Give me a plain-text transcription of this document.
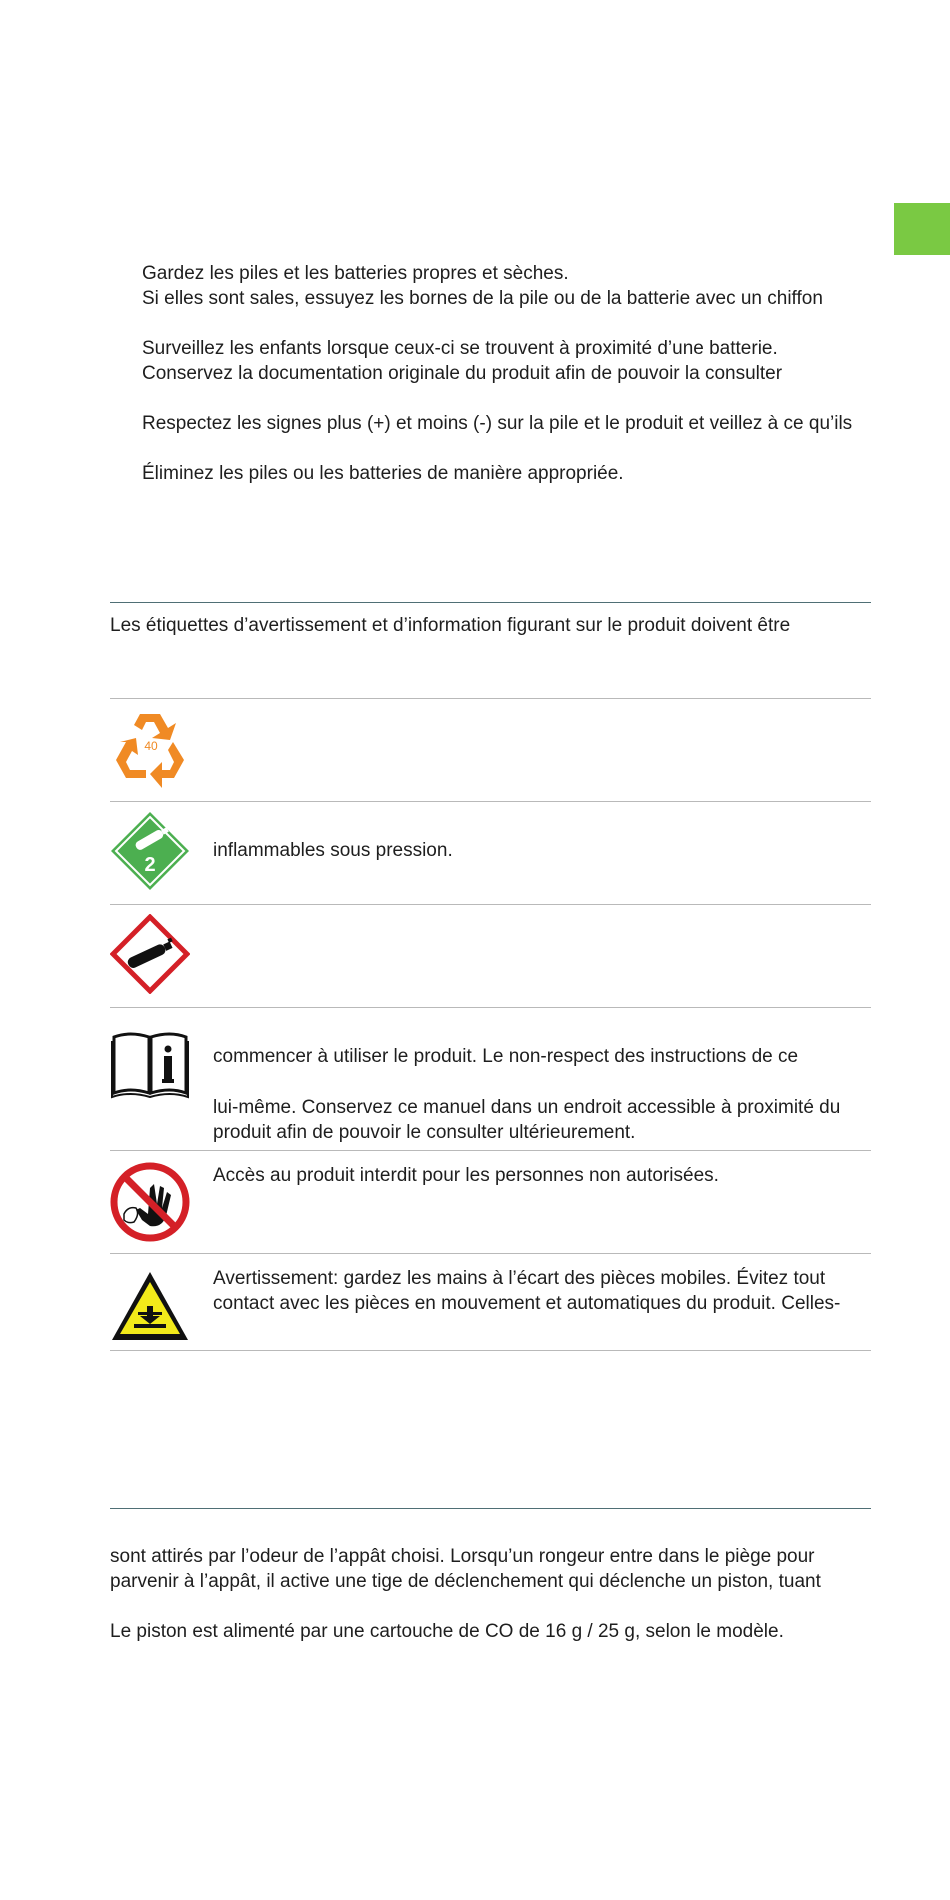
Gardez les piles et les batteries propres et sèches.
Si elles sont sales, essuyez les bornes de la pile ou de la batterie avec un chiffon
Surveillez les enfants lorsque ceux-ci se trouvent à proximité d’une batterie.
Conservez la documentation originale du produit afin de pouvoir la consulter
Respectez les signes plus (+) et moins (-) sur la pile et le produit et veillez à ce qu’ils
Éliminez les piles ou les batteries de manière appropriée.
Les étiquettes d’avertissement et d’information figurant sur le produit doivent être
40
2
inflammables sous pression.
commencer à utiliser le produit. Le non-respect des instructions de ce
lui-même. Conservez ce manuel dans un endroit accessible à proximité du
produit afin de pouvoir le consulter ultérieurement.
Accès au produit interdit pour les personnes non autorisées.
Avertissement: gardez les mains à l’écart des pièces mobiles. Évitez tout
contact avec les pièces en mouvement et automatiques du produit. Celles-
sont attirés par l’odeur de l’appât choisi. Lorsqu’un rongeur entre dans le piège pour
parvenir à l’appât, il active une tige de déclenchement qui déclenche un piston, tuant
Le piston est alimenté par une cartouche de CO de 16 g / 25 g, selon le modèle.
